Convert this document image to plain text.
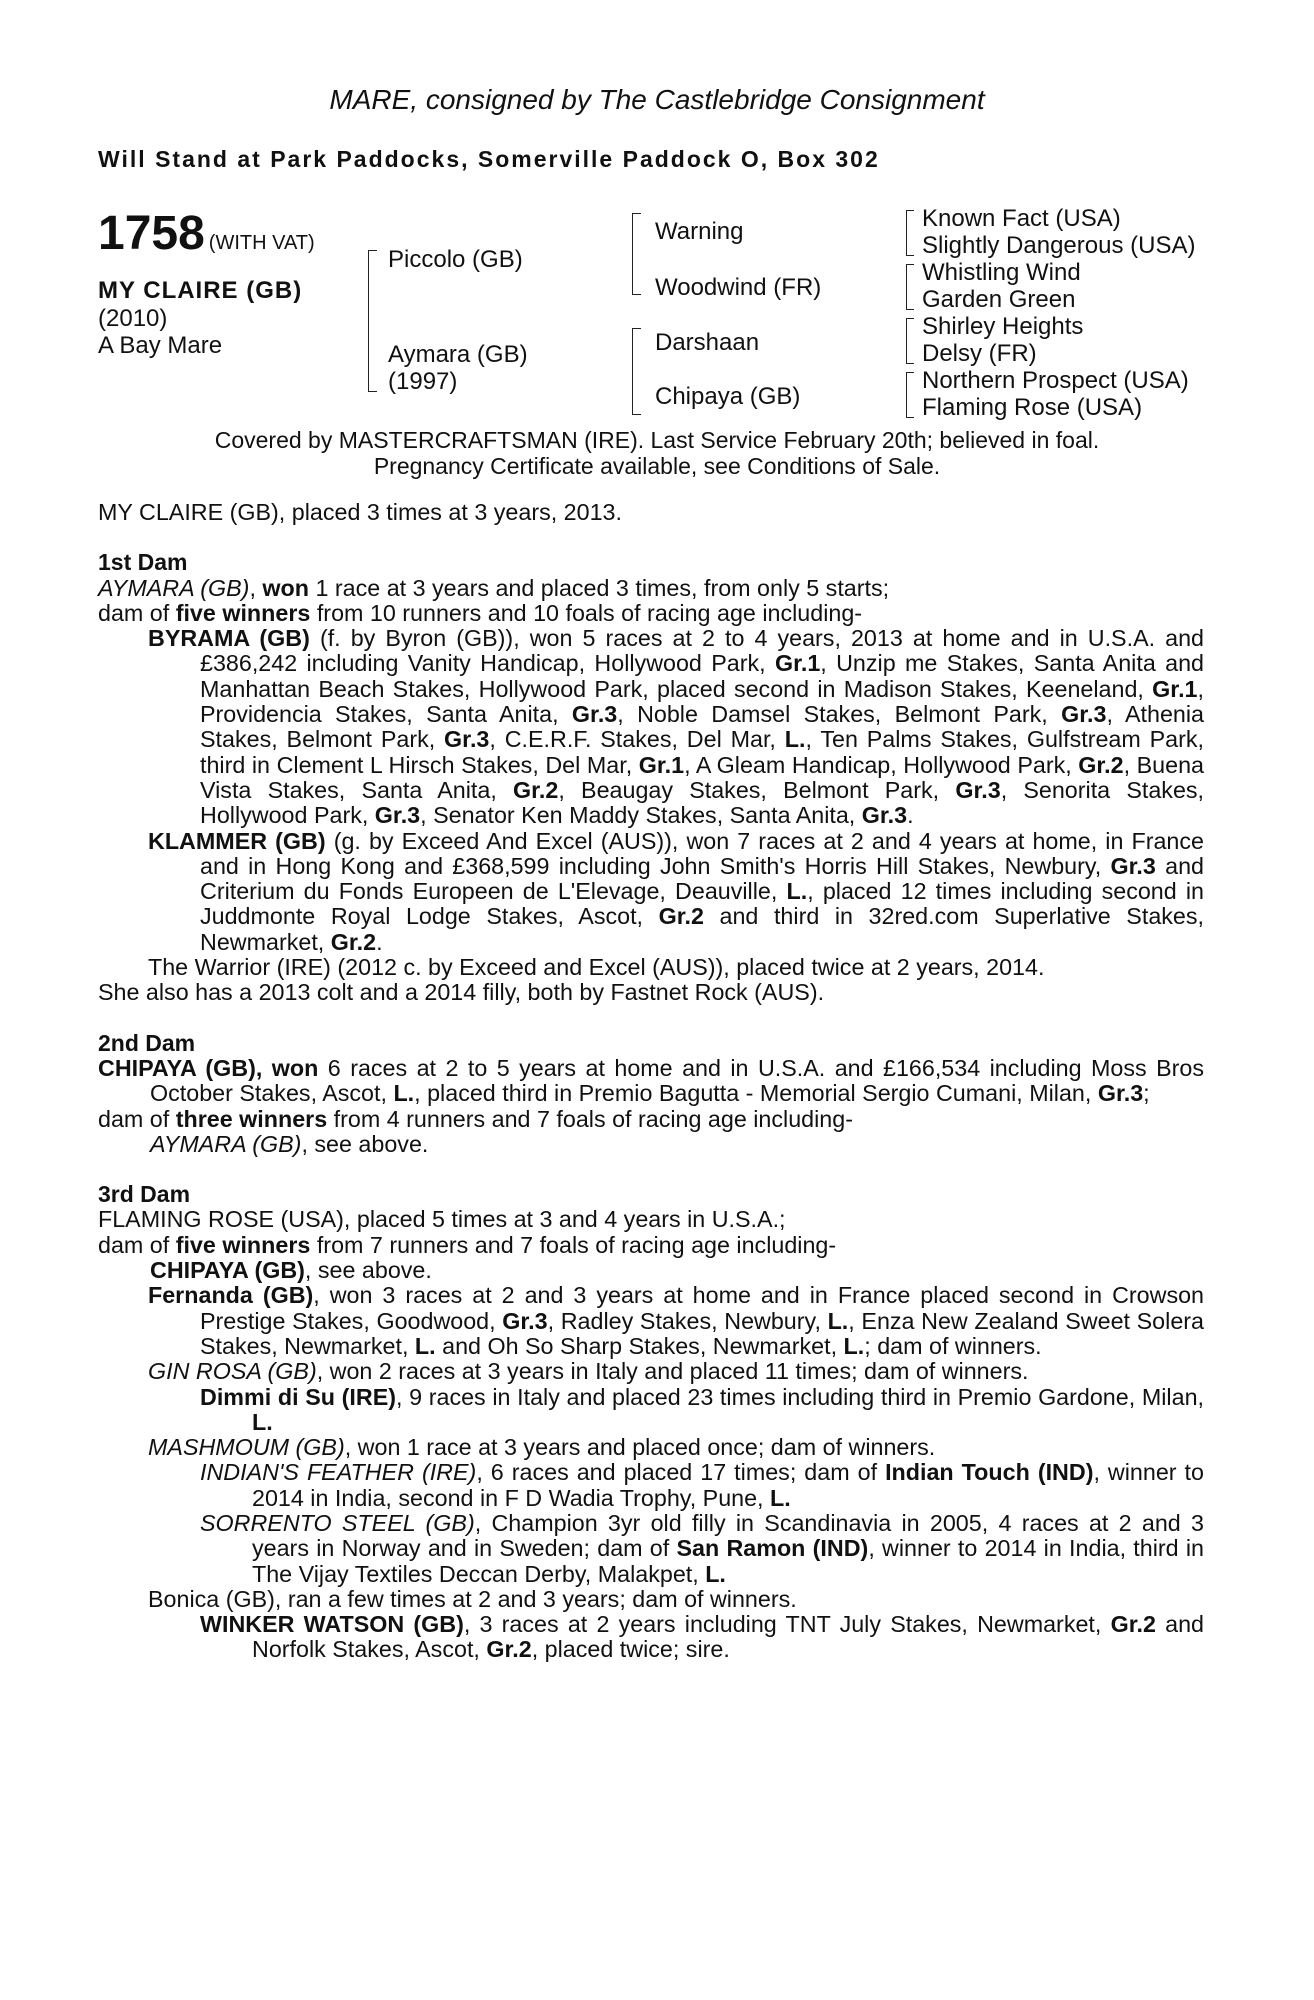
MARE, consigned by The Castlebridge Consignment
Will Stand at Park Paddocks, Somerville Paddock O, Box 302
1758 (WITH VAT)
MY CLAIRE (GB)
(2010)
A Bay Mare
Piccolo (GB)
Aymara (GB)
(1997)
Warning
Woodwind (FR)
Darshaan
Chipaya (GB)
Known Fact (USA)
Slightly Dangerous (USA)
Whistling Wind
Garden Green
Shirley Heights
Delsy (FR)
Northern Prospect (USA)
Flaming Rose (USA)
Covered by MASTERCRAFTSMAN (IRE). Last Service February 20th; believed in foal.
Pregnancy Certificate available, see Conditions of Sale.

MY CLAIRE (GB), placed 3 times at 3 years, 2013.

1st Dam

AYMARA (GB), won 1 race at 3 years and placed 3 times, from only 5 starts;

dam of five winners from 10 runners and 10 foals of racing age including-

BYRAMA (GB) (f. by Byron (GB)), won 5 races at 2 to 4 years, 2013 at home and in U.S.A. and £386,242 including Vanity Handicap, Hollywood Park, Gr.1, Unzip me Stakes, Santa Anita and Manhattan Beach Stakes, Hollywood Park, placed second in Madison Stakes, Keeneland, Gr.1, Providencia Stakes, Santa Anita, Gr.3, Noble Damsel Stakes, Belmont Park, Gr.3, Athenia Stakes, Belmont Park, Gr.3, C.E.R.F. Stakes, Del Mar, L., Ten Palms Stakes, Gulfstream Park, third in Clement L Hirsch Stakes, Del Mar, Gr.1, A Gleam Handicap, Hollywood Park, Gr.2, Buena Vista Stakes, Santa Anita, Gr.2, Beaugay Stakes, Belmont Park, Gr.3, Senorita Stakes, Hollywood Park, Gr.3, Senator Ken Maddy Stakes, Santa Anita, Gr.3.

KLAMMER (GB) (g. by Exceed And Excel (AUS)), won 7 races at 2 and 4 years at home, in France and in Hong Kong and £368,599 including John Smith's Horris Hill Stakes, Newbury, Gr.3 and Criterium du Fonds Europeen de L'Elevage, Deauville, L., placed 12 times including second in Juddmonte Royal Lodge Stakes, Ascot, Gr.2 and third in 32red.com Superlative Stakes, Newmarket, Gr.2.

The Warrior (IRE) (2012 c. by Exceed and Excel (AUS)), placed twice at 2 years, 2014.

She also has a 2013 colt and a 2014 filly, both by Fastnet Rock (AUS).

2nd Dam

CHIPAYA (GB), won 6 races at 2 to 5 years at home and in U.S.A. and £166,534 including Moss Bros October Stakes, Ascot, L., placed third in Premio Bagutta - Memorial Sergio Cumani, Milan, Gr.3;

dam of three winners from 4 runners and 7 foals of racing age including-

AYMARA (GB), see above.

3rd Dam

FLAMING ROSE (USA), placed 5 times at 3 and 4 years in U.S.A.;

dam of five winners from 7 runners and 7 foals of racing age including-

CHIPAYA (GB), see above.

Fernanda (GB), won 3 races at 2 and 3 years at home and in France placed second in Crowson Prestige Stakes, Goodwood, Gr.3, Radley Stakes, Newbury, L., Enza New Zealand Sweet Solera Stakes, Newmarket, L. and Oh So Sharp Stakes, Newmarket, L.; dam of winners.

GIN ROSA (GB), won 2 races at 3 years in Italy and placed 11 times; dam of winners.

Dimmi di Su (IRE), 9 races in Italy and placed 23 times including third in Premio Gardone, Milan, L.

MASHMOUM (GB), won 1 race at 3 years and placed once; dam of winners.

INDIAN'S FEATHER (IRE), 6 races and placed 17 times; dam of Indian Touch (IND), winner to 2014 in India, second in F D Wadia Trophy, Pune, L.

SORRENTO STEEL (GB), Champion 3yr old filly in Scandinavia in 2005, 4 races at 2 and 3 years in Norway and in Sweden; dam of San Ramon (IND), winner to 2014 in India, third in The Vijay Textiles Deccan Derby, Malakpet, L.

Bonica (GB), ran a few times at 2 and 3 years; dam of winners.

WINKER WATSON (GB), 3 races at 2 years including TNT July Stakes, Newmarket, Gr.2 and Norfolk Stakes, Ascot, Gr.2, placed twice; sire.
